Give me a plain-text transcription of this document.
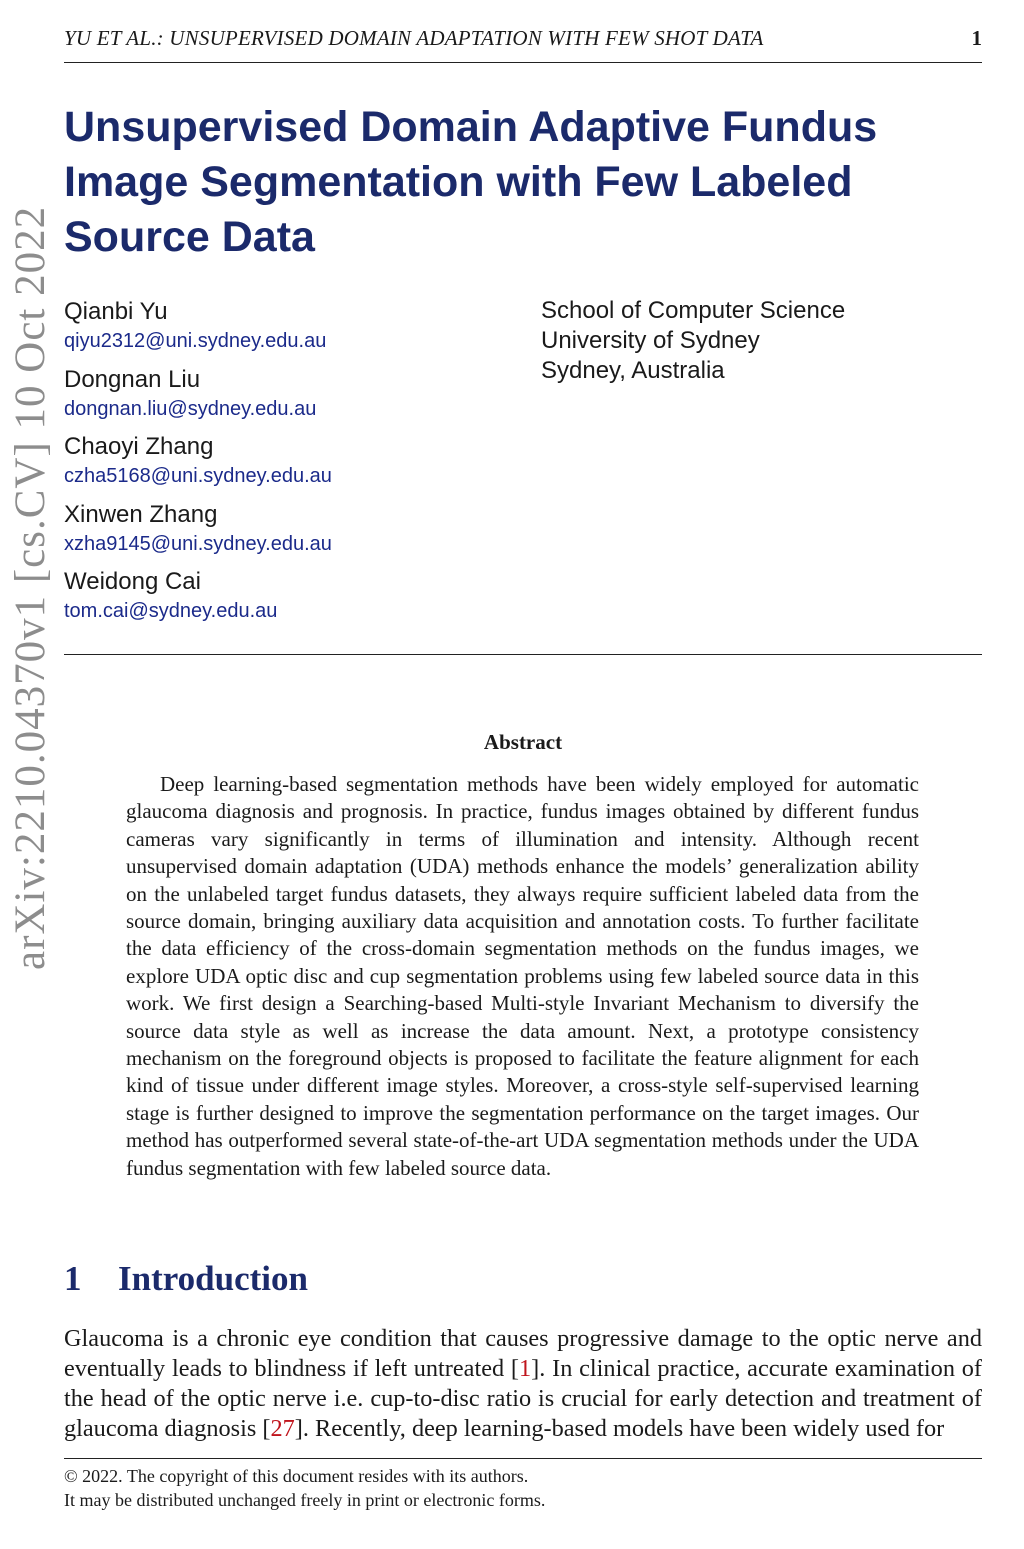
YU ET AL.: UNSUPERVISED DOMAIN ADAPTATION WITH FEW SHOT DATA	1
arXiv:2210.04370v1 [cs.CV] 10 Oct 2022
Unsupervised Domain Adaptive Fundus Image Segmentation with Few Labeled Source Data
Qianbi Yu
qiyu2312@uni.sydney.edu.au
Dongnan Liu
dongnan.liu@sydney.edu.au
Chaoyi Zhang
czha5168@uni.sydney.edu.au
Xinwen Zhang
xzha9145@uni.sydney.edu.au
Weidong Cai
tom.cai@sydney.edu.au
School of Computer Science
University of Sydney
Sydney, Australia
Abstract

Deep learning-based segmentation methods have been widely employed for automatic glaucoma diagnosis and prognosis. In practice, fundus images obtained by different fundus cameras vary significantly in terms of illumination and intensity. Although recent unsupervised domain adaptation (UDA) methods enhance the models’ generalization ability on the unlabeled target fundus datasets, they always require sufficient labeled data from the source domain, bringing auxiliary data acquisition and annotation costs. To further facilitate the data efficiency of the cross-domain segmentation methods on the fundus images, we explore UDA optic disc and cup segmentation problems using few labeled source data in this work. We first design a Searching-based Multi-style Invariant Mechanism to diversify the source data style as well as increase the data amount. Next, a prototype consistency mechanism on the foreground objects is proposed to facilitate the feature alignment for each kind of tissue under different image styles. Moreover, a cross-style self-supervised learning stage is further designed to improve the segmentation performance on the target images. Our method has outperformed several state-of-the-art UDA segmentation methods under the UDA fundus segmentation with few labeled source data.

1 Introduction

Glaucoma is a chronic eye condition that causes progressive damage to the optic nerve and eventually leads to blindness if left untreated [1]. In clinical practice, accurate examination of the head of the optic nerve i.e. cup-to-disc ratio is crucial for early detection and treatment of glaucoma diagnosis [27]. Recently, deep learning-based models have been widely used for

© 2022. The copyright of this document resides with its authors.
It may be distributed unchanged freely in print or electronic forms.
